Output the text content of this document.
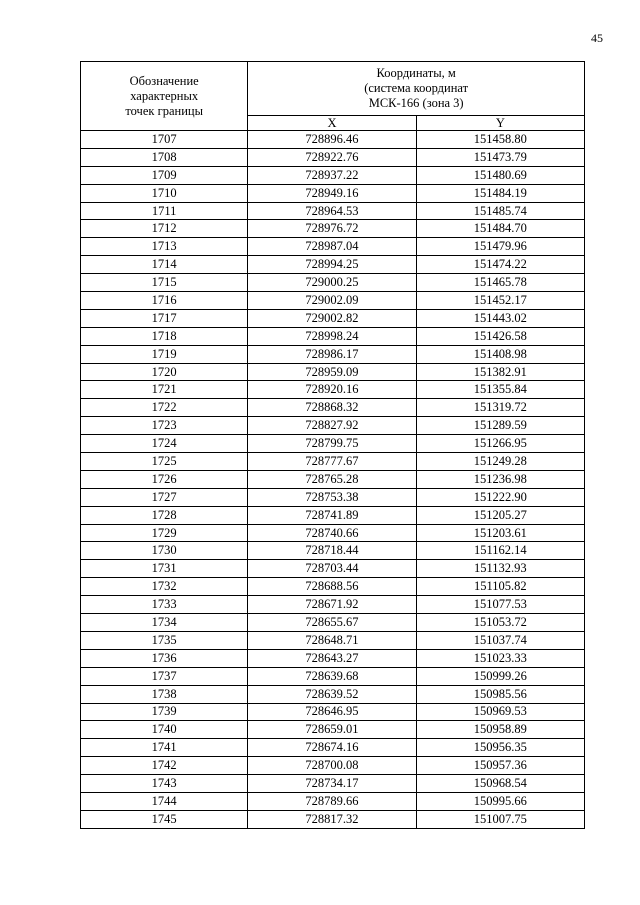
45
Обозначение
характерных
точек границы	Координаты, м
(система координат
МСК-166 (зона 3)	

	X	Y
1707	728896.46	151458.80
1708	728922.76	151473.79
1709	728937.22	151480.69
1710	728949.16	151484.19
1711	728964.53	151485.74
1712	728976.72	151484.70
1713	728987.04	151479.96
1714	728994.25	151474.22
1715	729000.25	151465.78
1716	729002.09	151452.17
1717	729002.82	151443.02
1718	728998.24	151426.58
1719	728986.17	151408.98
1720	728959.09	151382.91
1721	728920.16	151355.84
1722	728868.32	151319.72
1723	728827.92	151289.59
1724	728799.75	151266.95
1725	728777.67	151249.28
1726	728765.28	151236.98
1727	728753.38	151222.90
1728	728741.89	151205.27
1729	728740.66	151203.61
1730	728718.44	151162.14
1731	728703.44	151132.93
1732	728688.56	151105.82
1733	728671.92	151077.53
1734	728655.67	151053.72
1735	728648.71	151037.74
1736	728643.27	151023.33
1737	728639.68	150999.26
1738	728639.52	150985.56
1739	728646.95	150969.53
1740	728659.01	150958.89
1741	728674.16	150956.35
1742	728700.08	150957.36
1743	728734.17	150968.54
1744	728789.66	150995.66
1745	728817.32	151007.75
